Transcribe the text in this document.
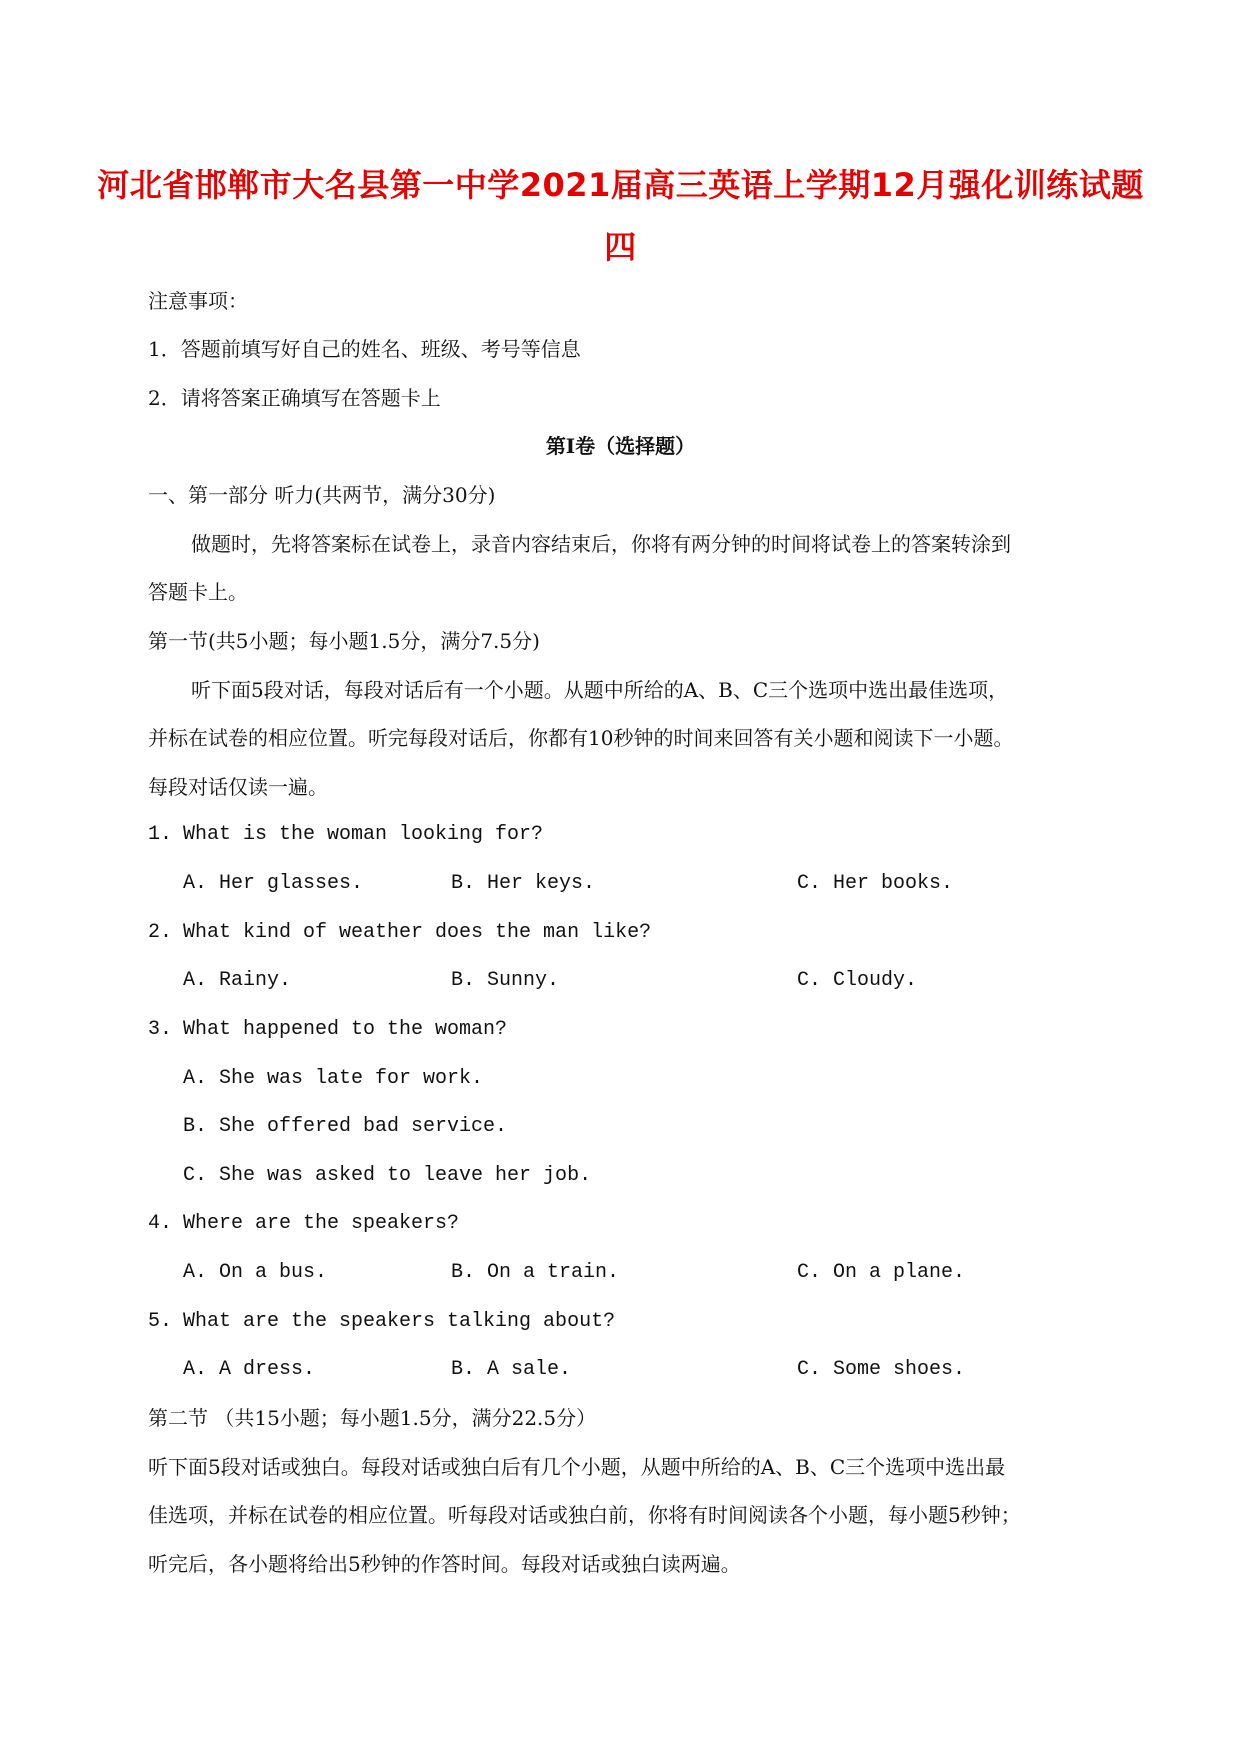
河北省邯郸市大名县第一中学2021届高三英语上学期12月强化训练试题
四
注意事项：
1．答题前填写好自己的姓名、班级、考号等信息
2．请将答案正确填写在答题卡上
第I卷（选择题）
一、第一部分 听力(共两节，满分30分)
做题时，先将答案标在试卷上，录音内容结束后，你将有两分钟的时间将试卷上的答案转涂到
答题卡上。
第一节(共5小题；每小题1.5分，满分7.5分)
听下面5段对话，每段对话后有一个小题。从题中所给的A、B、C三个选项中选出最佳选项，
并标在试卷的相应位置。听完每段对话后，你都有10秒钟的时间来回答有关小题和阅读下一小题。
每段对话仅读一遍。
1. What is the woman looking for?
A. Her glasses.	B. Her keys.	C. Her books.
2. What kind of weather does the man like?
A. Rainy.	B. Sunny.	C. Cloudy.
3. What happened to the woman?
A. She was late for work.
B. She offered bad service.
C. She was asked to leave her job.
4. Where are the speakers?
A. On a bus.	B. On a train.	C. On a plane.
5. What are the speakers talking about?
A. A dress.	B. A sale.	C. Some shoes.
第二节 （共15小题；每小题1.5分，满分22.5分）
听下面5段对话或独白。每段对话或独白后有几个小题，从题中所给的A、B、C三个选项中选出最
佳选项，并标在试卷的相应位置。听每段对话或独白前，你将有时间阅读各个小题，每小题5秒钟；
听完后，各小题将给出5秒钟的作答时间。每段对话或独白读两遍。
